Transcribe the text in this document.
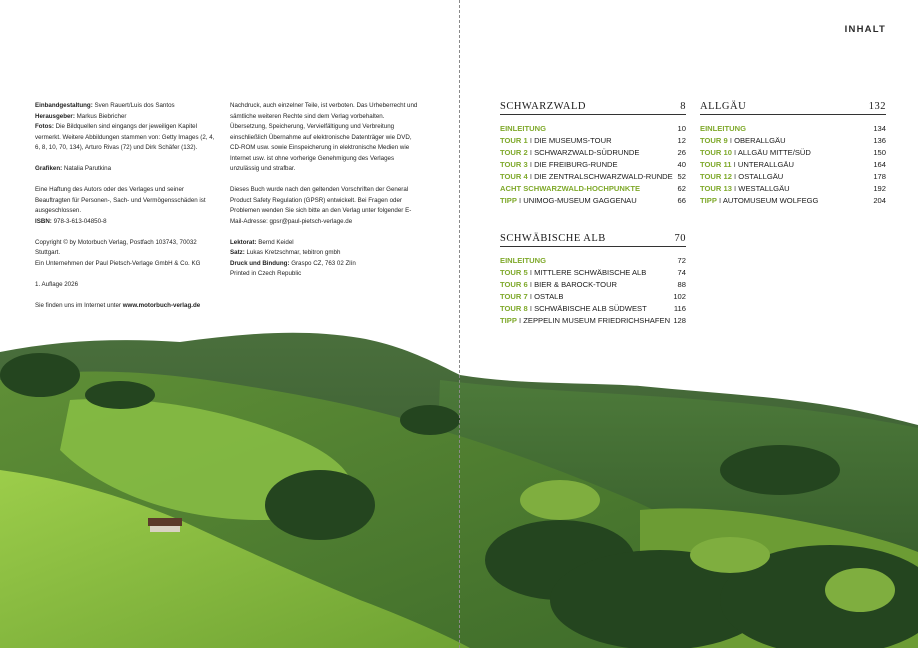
INHALT

Einbandgestaltung: Sven Rauert/Luis dos Santos
Herausgeber: Markus Biebricher
Fotos: Die Bildquellen sind eingangs der jeweiligen Kapitel vermerkt. Weitere Abbildungen stammen von: Getty Images (2, 4, 6, 8, 10, 70, 134), Arturo Rivas (72) und Dirk Schäfer (132).

Grafiken: Natalia Parutkina

Eine Haftung des Autors oder des Verlages und seiner Beauftragten für Personen-, Sach- und Vermögensschäden ist ausgeschlossen.
ISBN: 978-3-613-04850-8

Copyright © by Motorbuch Verlag, Postfach 103743, 70032 Stuttgart.
Ein Unternehmen der Paul Pietsch-Verlage GmbH & Co. KG

1. Auflage 2026

Sie finden uns im Internet unter www.motorbuch-verlag.de

Nachdruck, auch einzelner Teile, ist verboten. Das Urheberrecht und sämtliche weiteren Rechte sind dem Verlag vorbehalten. Übersetzung, Speicherung, Vervielfältigung und Verbreitung einschließlich Übernahme auf elektronische Datenträger wie DVD, CD-ROM usw. sowie Einspeicherung in elektronische Medien wie Internet usw. ist ohne vorherige Genehmigung des Verlages unzulässig und strafbar.

Dieses Buch wurde nach den geltenden Vorschriften der General Product Safety Regulation (GPSR) entwickelt. Bei Fragen oder Problemen wenden Sie sich bitte an den Verlag unter folgender E-Mail-Adresse: gpsr@paul-pietsch-verlage.de

Lektorat: Bernd Keidel
Satz: Lukas Kretzschmar, tebitron gmbh
Druck und Bindung: Graspo CZ, 763 02 Zlín
Printed in Czech Republic

SCHWARZWALD	8
EINLEITUNG	10
TOUR 1 I DIE MUSEUMS-TOUR	12
TOUR 2 I SCHWARZWALD-SÜDRUNDE	26
TOUR 3 I DIE FREIBURG-RUNDE	40
TOUR 4 I DIE ZENTRALSCHWARZWALD-RUNDE 52
ACHT SCHWARZWALD-HOCHPUNKTE	62
TIPP I UNIMOG-MUSEUM GAGGENAU	66
SCHWÄBISCHE ALB	70
EINLEITUNG	72
TOUR 5 I MITTLERE SCHWÄBISCHE ALB	74
TOUR 6 I BIER & BAROCK-TOUR	88
TOUR 7 I OSTALB	102
TOUR 8 I SCHWÄBISCHE ALB SÜDWEST	116
TIPP I ZEPPELIN MUSEUM FRIEDRICHSHAFEN 128
ALLGÄU	132
EINLEITUNG	134
TOUR 9 I OBERALLGÄU	136
TOUR 10 I ALLGÄU MITTE/SÜD	150
TOUR 11 I UNTERALLGÄU	164
TOUR 12 I OSTALLGÄU	178
TOUR 13 I WESTALLGÄU	192
TIPP I AUTOMUSEUM WOLFEGG	204
